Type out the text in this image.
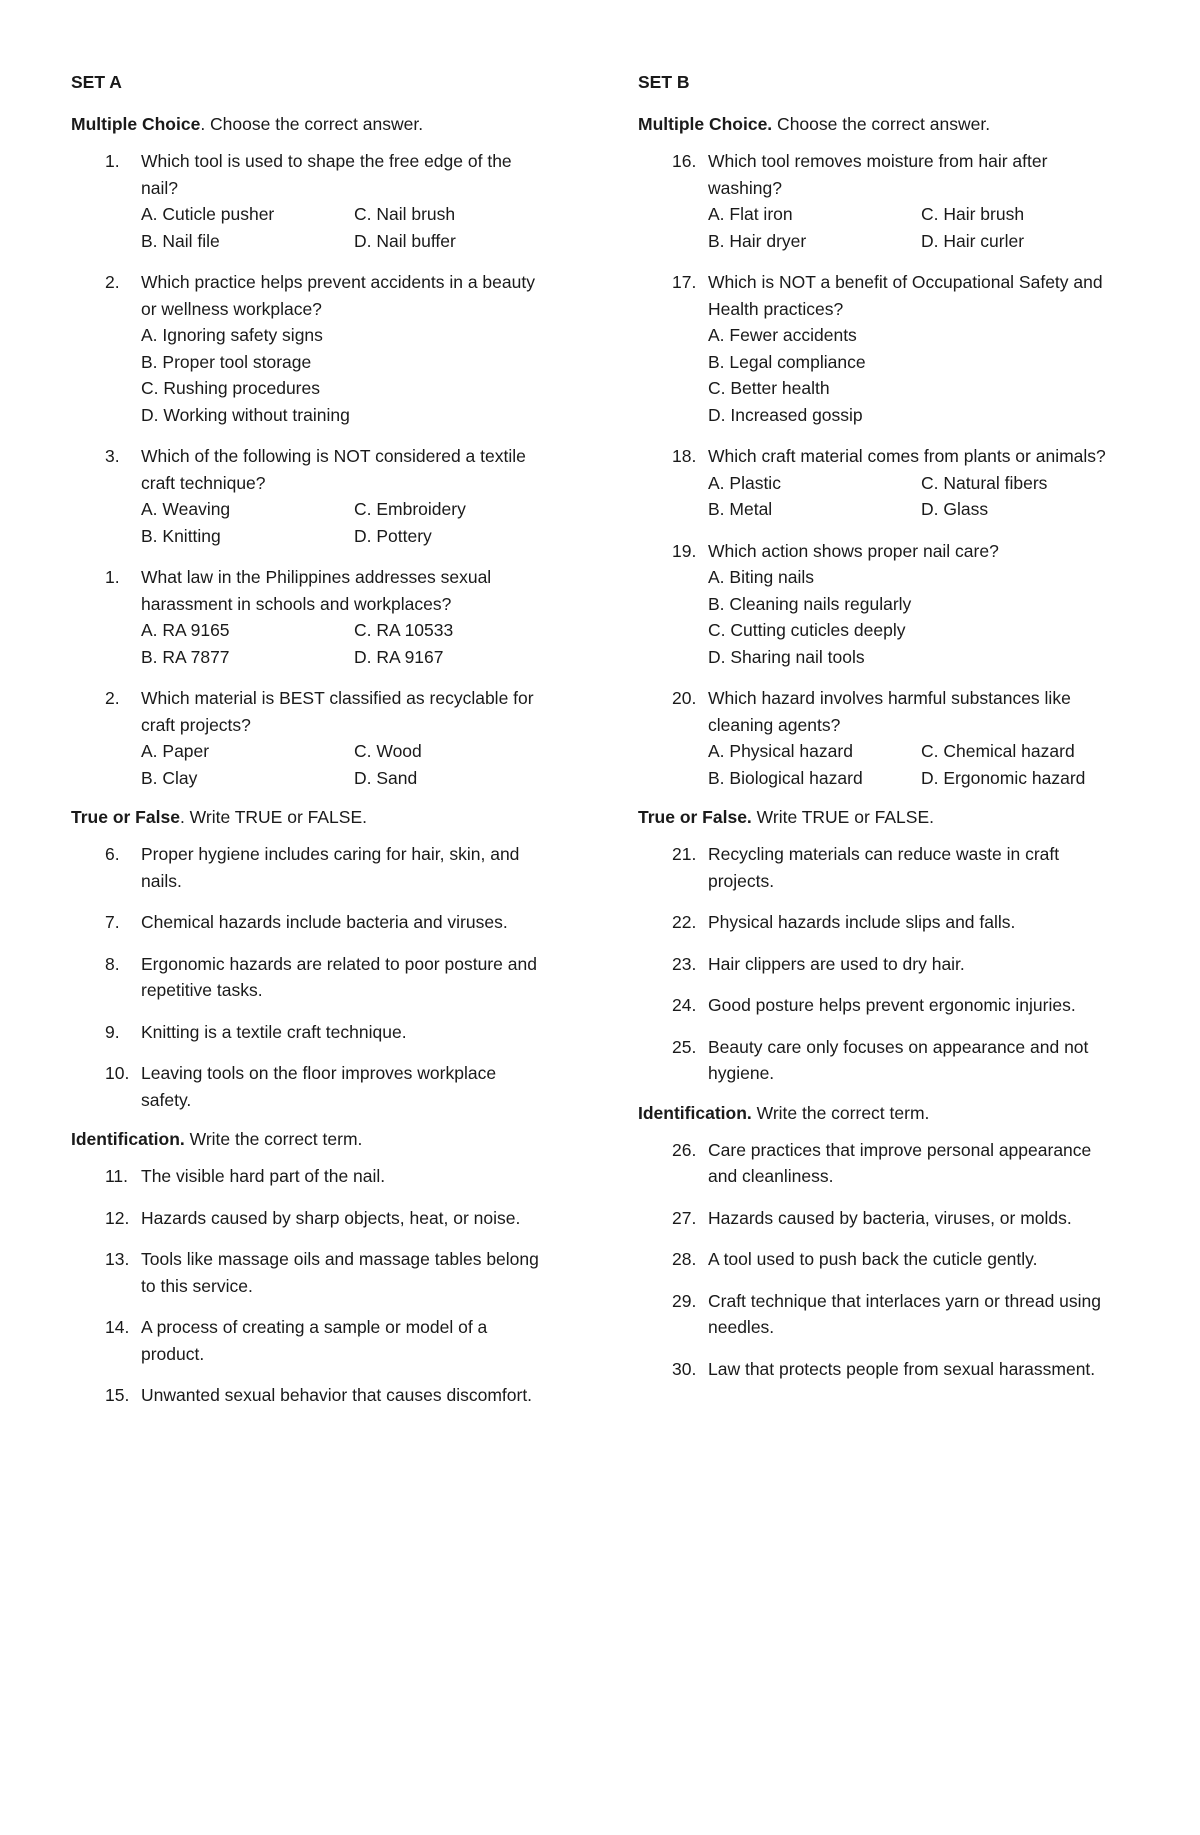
SET A
Multiple Choice. Choose the correct answer.
1. Which tool is used to shape the free edge of the nail?
A. Cuticle pusher	C. Nail brush
B. Nail file	D. Nail buffer
2. Which practice helps prevent accidents in a beauty or wellness workplace?
A. Ignoring safety signs
B. Proper tool storage
C. Rushing procedures
D. Working without training
3. Which of the following is NOT considered a textile craft technique?
A. Weaving	C. Embroidery
B. Knitting	D. Pottery
1. What law in the Philippines addresses sexual harassment in schools and workplaces?
A. RA 9165	C. RA 10533
B. RA 7877	D. RA 9167
2. Which material is BEST classified as recyclable for craft projects?
A. Paper	C. Wood
B. Clay	D. Sand
True or False. Write TRUE or FALSE.
6. Proper hygiene includes caring for hair, skin, and nails.
7. Chemical hazards include bacteria and viruses.
8. Ergonomic hazards are related to poor posture and repetitive tasks.
9. Knitting is a textile craft technique.
10. Leaving tools on the floor improves workplace safety.
Identification. Write the correct term.
11. The visible hard part of the nail.
12. Hazards caused by sharp objects, heat, or noise.
13. Tools like massage oils and massage tables belong to this service.
14. A process of creating a sample or model of a product.
15. Unwanted sexual behavior that causes discomfort.
SET B
Multiple Choice. Choose the correct answer.
16. Which tool removes moisture from hair after washing?
A. Flat iron	C. Hair brush
B. Hair dryer	D. Hair curler
17. Which is NOT a benefit of Occupational Safety and Health practices?
A. Fewer accidents
B. Legal compliance
C. Better health
D. Increased gossip
18. Which craft material comes from plants or animals?
A. Plastic	C. Natural fibers
B. Metal	D. Glass
19. Which action shows proper nail care?
A. Biting nails
B. Cleaning nails regularly
C. Cutting cuticles deeply
D. Sharing nail tools
20. Which hazard involves harmful substances like cleaning agents?
A. Physical hazard	C. Chemical hazard
B. Biological hazard	D. Ergonomic hazard
True or False. Write TRUE or FALSE.
21. Recycling materials can reduce waste in craft projects.
22. Physical hazards include slips and falls.
23. Hair clippers are used to dry hair.
24. Good posture helps prevent ergonomic injuries.
25. Beauty care only focuses on appearance and not hygiene.
Identification. Write the correct term.
26. Care practices that improve personal appearance and cleanliness.
27. Hazards caused by bacteria, viruses, or molds.
28. A tool used to push back the cuticle gently.
29. Craft technique that interlaces yarn or thread using needles.
30. Law that protects people from sexual harassment.
